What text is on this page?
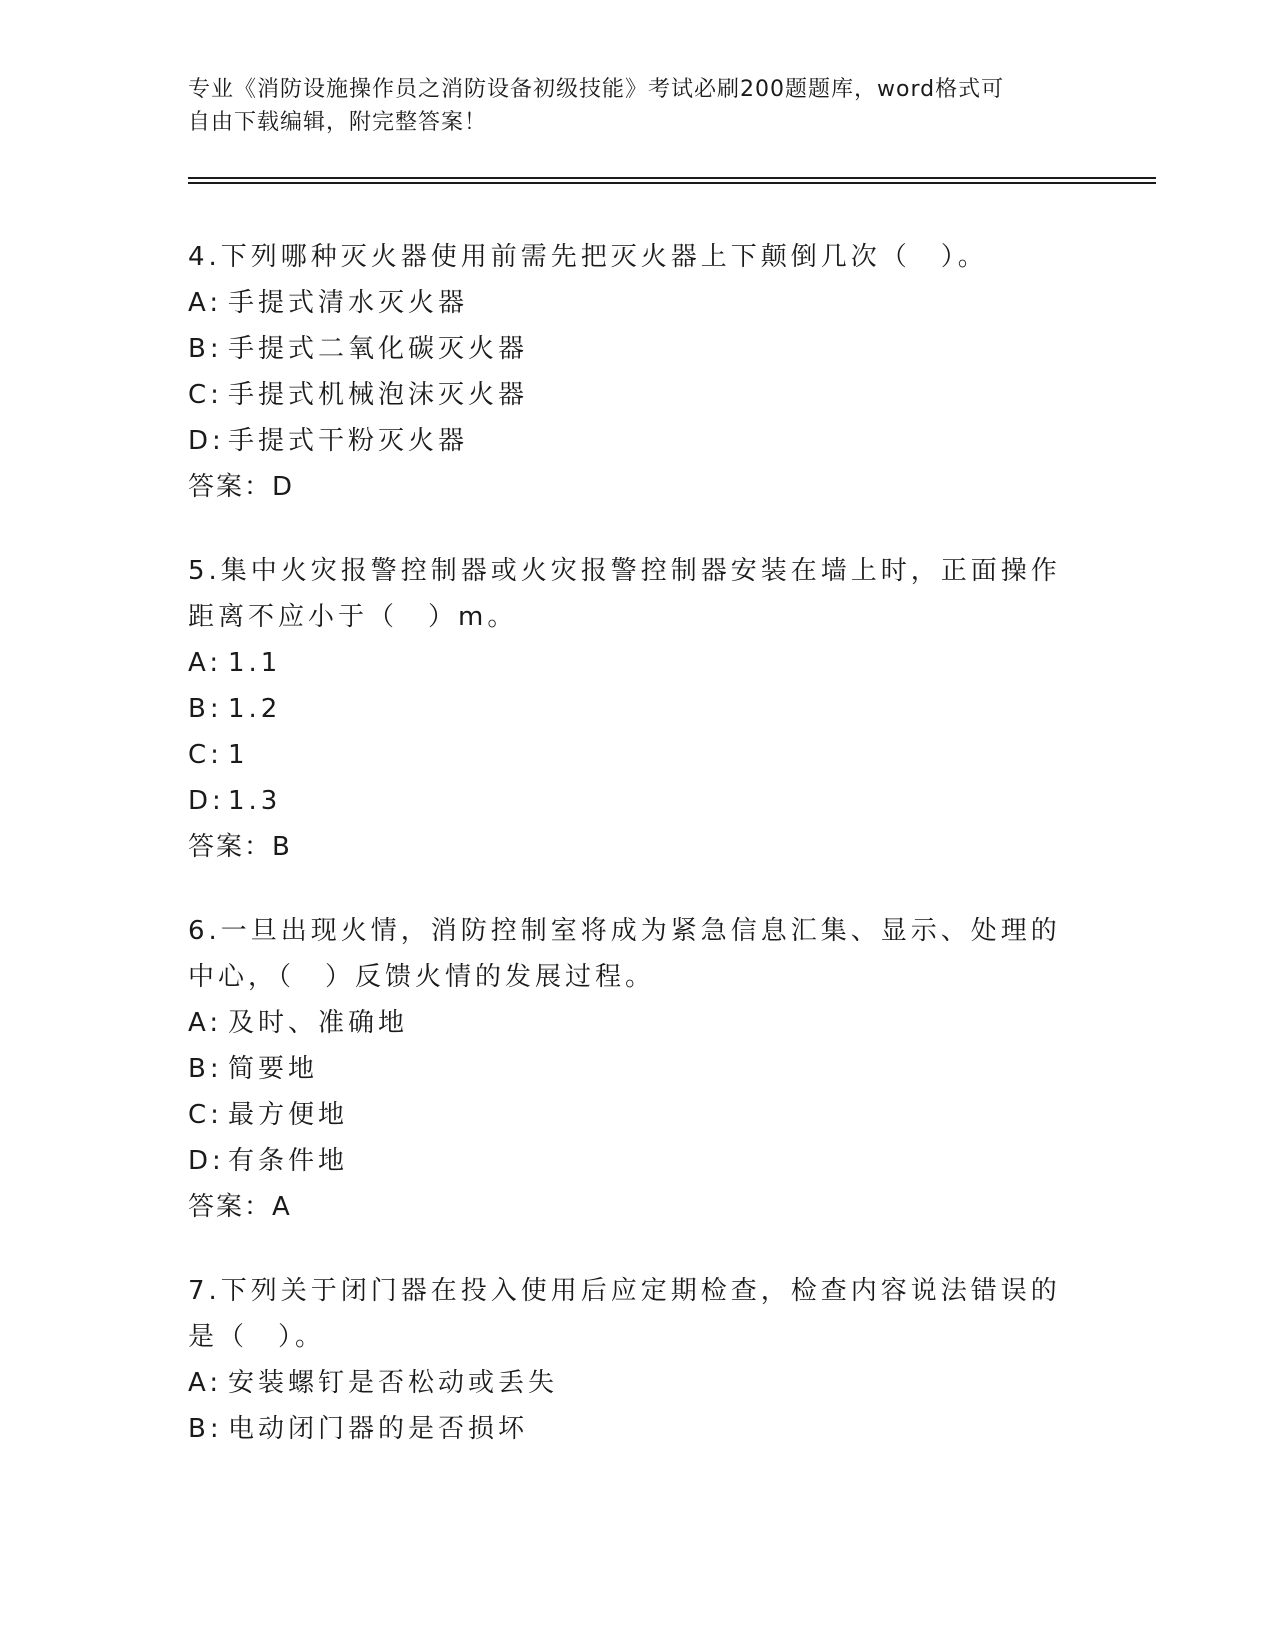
专业《消防设施操作员之消防设备初级技能》考试必刷200题题库，word格式可
自由下载编辑，附完整答案！
4.下列哪种灭火器使用前需先把灭火器上下颠倒几次（　）。
A: 手提式清水灭火器
B: 手提式二氧化碳灭火器
C: 手提式机械泡沫灭火器
D: 手提式干粉灭火器
答案：D
5.集中火灾报警控制器或火灾报警控制器安装在墙上时，正面操作距离不应小于（　）m。
A: 1.1
B: 1.2
C: 1
D: 1.3
答案：B
6.一旦出现火情，消防控制室将成为紧急信息汇集、显示、处理的中心，（　）反馈火情的发展过程。
A: 及时、准确地
B: 简要地
C: 最方便地
D: 有条件地
答案：A
7.下列关于闭门器在投入使用后应定期检查，检查内容说法错误的是（　）。
A: 安装螺钉是否松动或丢失
B: 电动闭门器的是否损坏
